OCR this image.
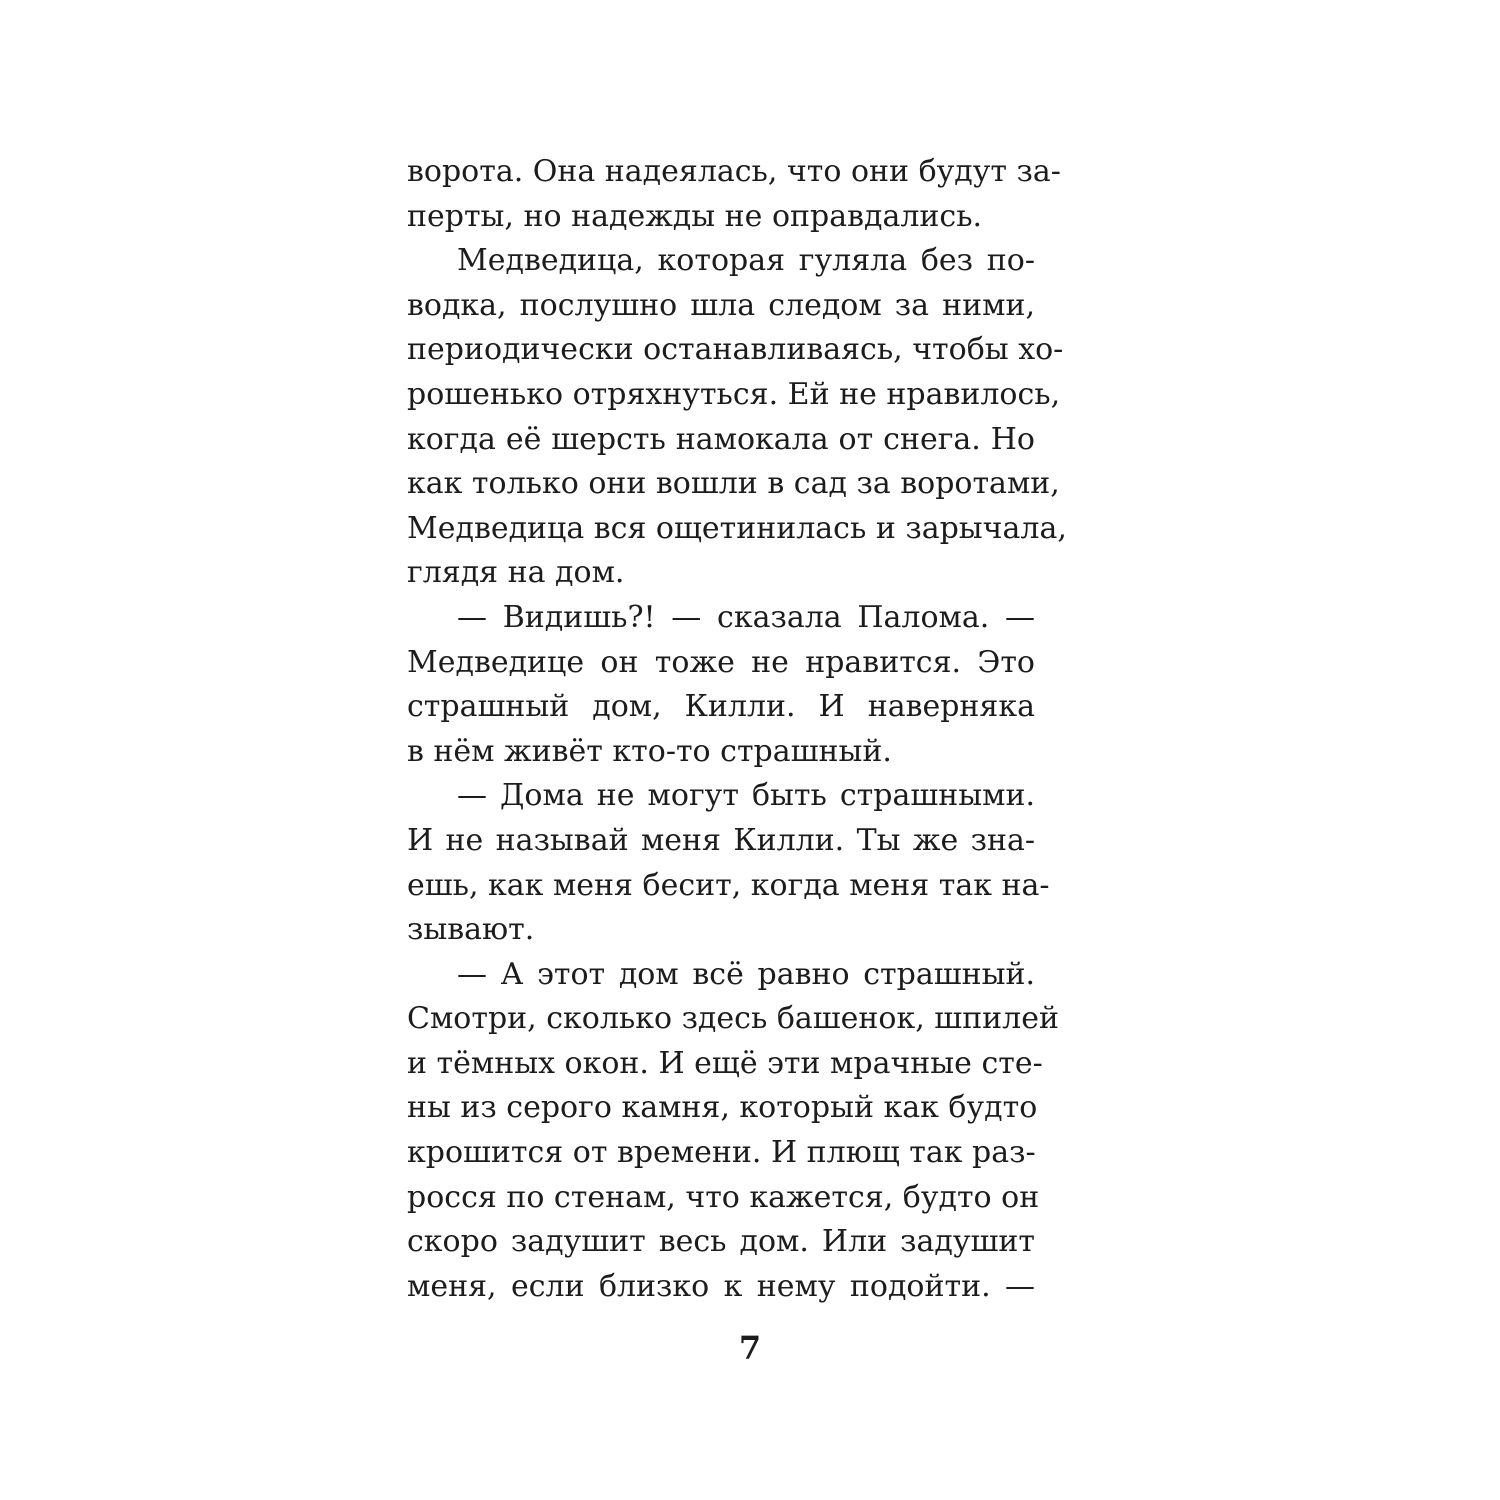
ворота. Она надеялась, что они будут за-
перты, но надежды не оправдались.
Медведица, которая гуляла без по-
водка, послушно шла следом за ними,
периодически останавливаясь, чтобы хо-
рошенько отряхнуться. Ей не нравилось,
когда её шерсть намокала от снега. Но
как только они вошли в сад за воротами,
Медведица вся ощетинилась и зарычала,
глядя на дом.
— Видишь?! — сказала Палома. —
Медведице он тоже не нравится. Это
страшный дом, Килли. И наверняка
в нём живёт кто-то страшный.
— Дома не могут быть страшными.
И не называй меня Килли. Ты же зна-
ешь, как меня бесит, когда меня так на-
зывают.
— А этот дом всё равно страшный.
Смотри, сколько здесь башенок, шпилей
и тёмных окон. И ещё эти мрачные сте-
ны из серого камня, который как будто
крошится от времени. И плющ так раз-
росся по стенам, что кажется, будто он
скоро задушит весь дом. Или задушит
меня, если близко к нему подойти. —
7
